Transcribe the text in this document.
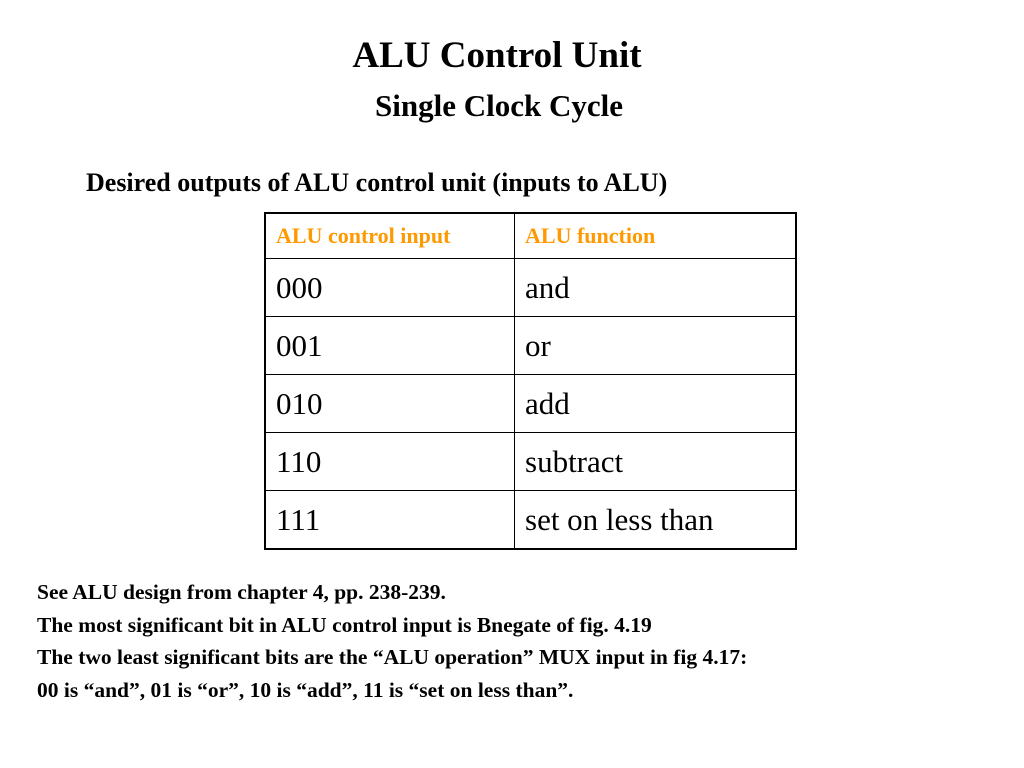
ALU Control Unit
Single Clock Cycle

Desired outputs of ALU control unit (inputs to ALU)

ALU control input	ALU function
000	and
001	or
010	add
110	subtract
111	set on less than
See ALU design from chapter 4, pp. 238-239.
The most significant bit in ALU control input is Bnegate of fig. 4.19
The two least significant bits are the “ALU operation” MUX input in fig 4.17:
00 is “and”, 01 is “or”, 10 is “add”, 11 is “set on less than”.
